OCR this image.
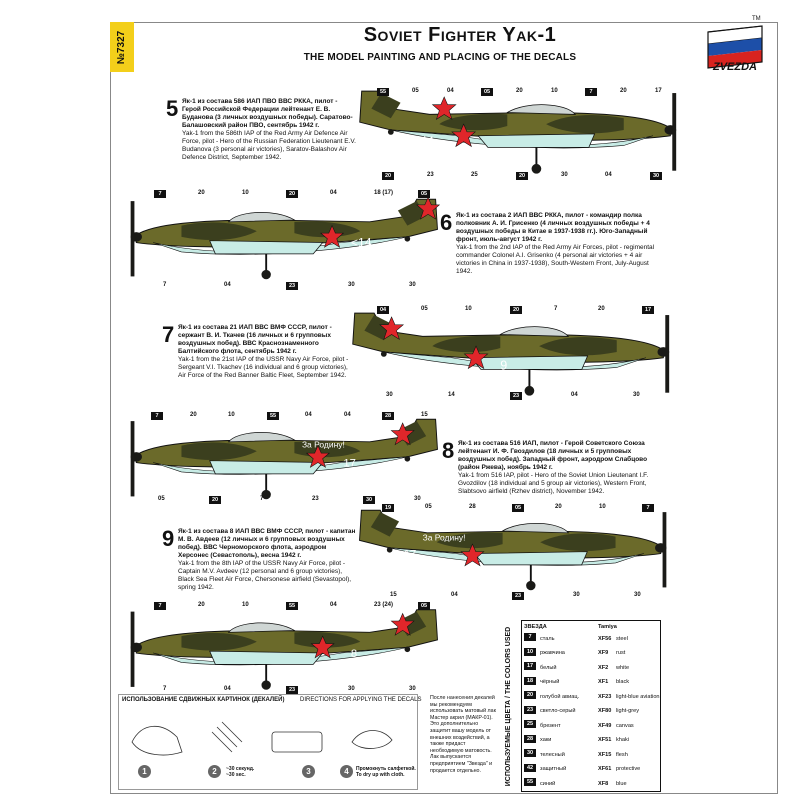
№7327	Soviet Fighter Yak-1
THE MODEL PAINTING AND PLACING OF THE DECALS
TM
ZVEZDA
5 Як-1 из состава 586 ИАП ПВО ВВС РККА, пилот - Герой Российской Федерации лейтенант Е. В. Буданова (3 личных воздушных победы). Саратово-Балашовский район ПВО, сентябрь 1942 г.
Yak-1 from the 586th IAP of the Red Army Air Defence Air Force, pilot - Hero of the Russian Federation Lieutenant E.V. Budanova (3 personal air victories), Saratov-Balashov Air Defence District, September 1942.
44
6 Як-1 из состава 2 ИАП ВВС РККА, пилот - командир полка полковник А. И. Грисенко (4 личных воздушных победы + 4 воздушных победы в Китае в 1937-1938 гг.). Юго-Западный фронт, июль-август 1942 г.
Yak-1 from the 2nd IAP of the Red Army Air Forces, pilot - regimental commander Colonel A.I. Grisenko (4 personal air victories + 4 air victories in China in 1937-1938), South-Western Front, July-August 1942.
<14
7 Як-1 из состава 21 ИАП ВВС ВМФ СССР, пилот - сержант В. И. Ткачев (16 личных и 6 групповых воздушных побед). ВВС Краснознаменного Балтийского флота, сентябрь 1942 г.
Yak-1 from the 21st IAP of the USSR Navy Air Force, pilot - Sergeant V.I. Tkachev (16 individual and 6 group victories), Air Force of the Red Banner Baltic Fleet, September 1942.
9
8 Як-1 из состава 516 ИАП, пилот - Герой Советского Союза лейтенант И. Ф. Гвоздилов (18 личных и 5 групповых воздушных побед). Западный фронт, аэродром Слабцово (район Ржева), ноябрь 1942 г.
Yak-1 from 516 IAP, pilot - Hero of the Soviet Union Lieutenant I.F. Gvozdilov (18 individual and 5 group air victories), Western Front, Slabtsovo airfield (Rzhev district), November 1942.
За Родину!
17
9 Як-1 из состава 8 ИАП ВВС ВМФ СССР, пилот - капитан М. В. Авдеев (12 личных и 6 групповых воздушных побед). ВВС Черноморского флота, аэродром Херсонес (Севастополь), весна 1942 г.
Yak-1 from the 8th IAP of the USSR Navy Air Force, pilot - Captain M.V. Avdeev (12 personal and 6 group victories), Black Sea Fleet Air Force, Chersonese airfield (Sevastopol), spring 1942.
За Родину!
17
8
55	05	04	05	20	10	7	20	17
20	23	25	20	30	04	30
7	20	10	20	04	18 (17)	05
7	04	23	30	30
04	05	10	20	7	20	17
30	14	23	04	30
7	20	10	55	04	04	28	15
05	20	7	23	30	30
19	05	28	05	20	10	7
15	04	23	30	30
7	20	10	55	04	23 (24)	05
7	04	23	30	30
ИСПОЛЬЗОВАНИЕ СДВИЖНЫХ КАРТИНОК (ДЕКАЛЕЙ)	DIRECTIONS FOR APPLYING THE DECALS
1	2	3	4
~30 секунд.
~30 sec.
Промокнуть салфеткой.
To dry up with cloth.
После нанесения декалей мы рекомендуем использовать матовый лак Мастер акрил (МАКР-01). Это дополнительно защитит вашу модель от внешних воздействий, а также придаст необходимую матовость. Лак выпускается предприятием "Звезда" и продается отдельно.	ИСПОЛЬЗУЕМЫЕ ЦВЕТА / THE COLORS USED ЗВЕЗДА	Tamiya
7	сталь	XF56 steel
10	ржавчина	XF9 rust
17	белый	XF2 white
18	чёрный	XF1 black
20	голубой авиац.	XF23 light-blue aviation
23	светло-серый	XF80 light-grey
25	брезент	XF49 canvas
28	хаки	XF51 khaki
30	телесный	XF15 flesh
42	защитный	XF61 protective
55	синий	XF8 blue
